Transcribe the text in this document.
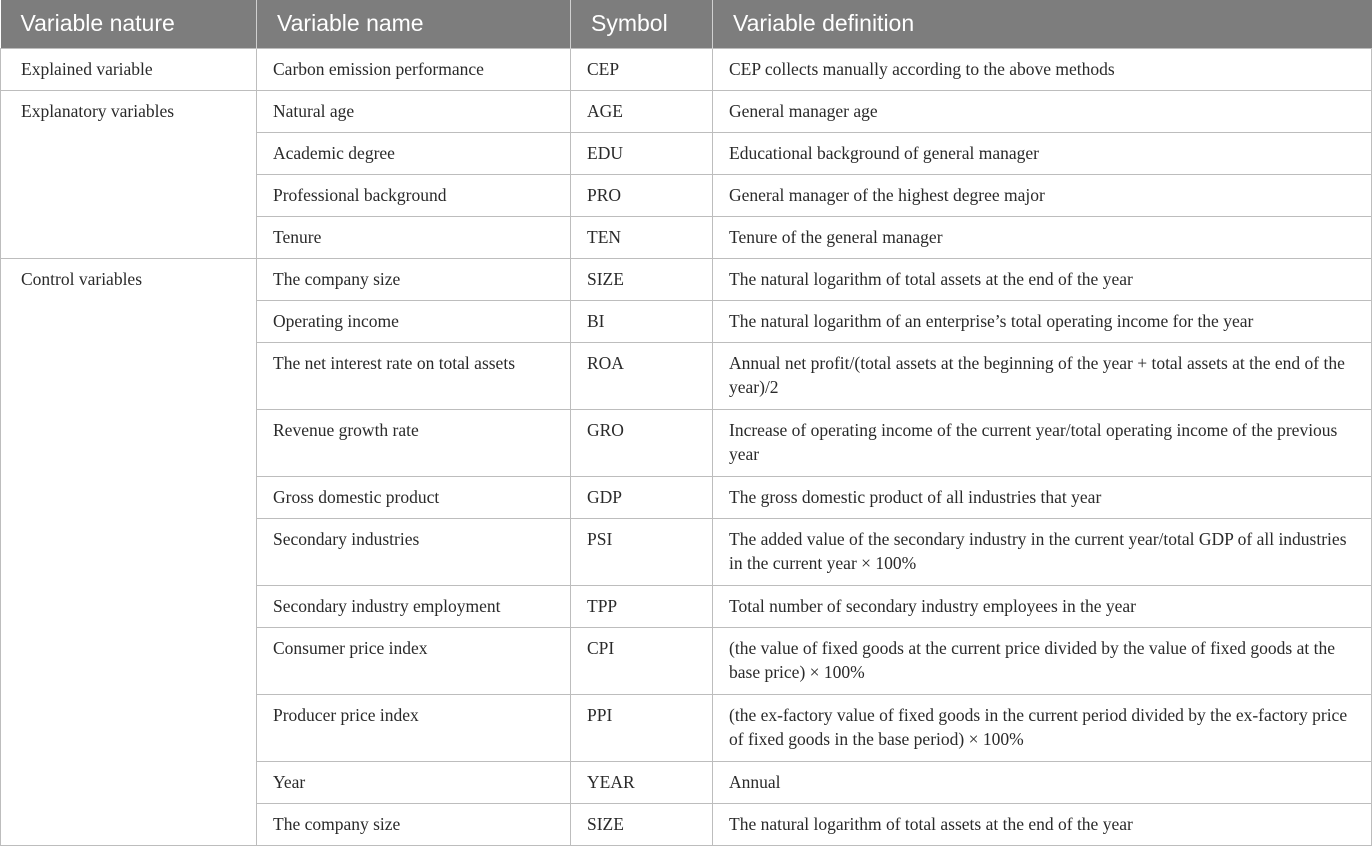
Variable nature	Variable name	Symbol	Variable definition
Explained variable	Carbon emission performance	CEP	CEP collects manually according to the above methods
Explanatory variables	Natural age	AGE	General manager age
	Academic degree	EDU	Educational background of general manager
	Professional background	PRO	General manager of the highest degree major
	Tenure	TEN	Tenure of the general manager
Control variables	The company size	SIZE	The natural logarithm of total assets at the end of the year
	Operating income	BI	The natural logarithm of an enterprise’s total operating income for the year
	The net interest rate on total assets	ROA	Annual net profit/(total assets at the beginning of the year + total assets at the end of the year)/2
	Revenue growth rate	GRO	Increase of operating income of the current year/total operating income of the previous year
	Gross domestic product	GDP	The gross domestic product of all industries that year
	Secondary industries	PSI	The added value of the secondary industry in the current year/total GDP of all industries in the current year × 100%
	Secondary industry employment	TPP	Total number of secondary industry employees in the year
	Consumer price index	CPI	(the value of fixed goods at the current price divided by the value of fixed goods at the base price) × 100%
	Producer price index	PPI	(the ex-factory value of fixed goods in the current period divided by the ex-factory price of fixed goods in the base period) × 100%
	Year	YEAR	Annual
	The company size	SIZE	The natural logarithm of total assets at the end of the year
